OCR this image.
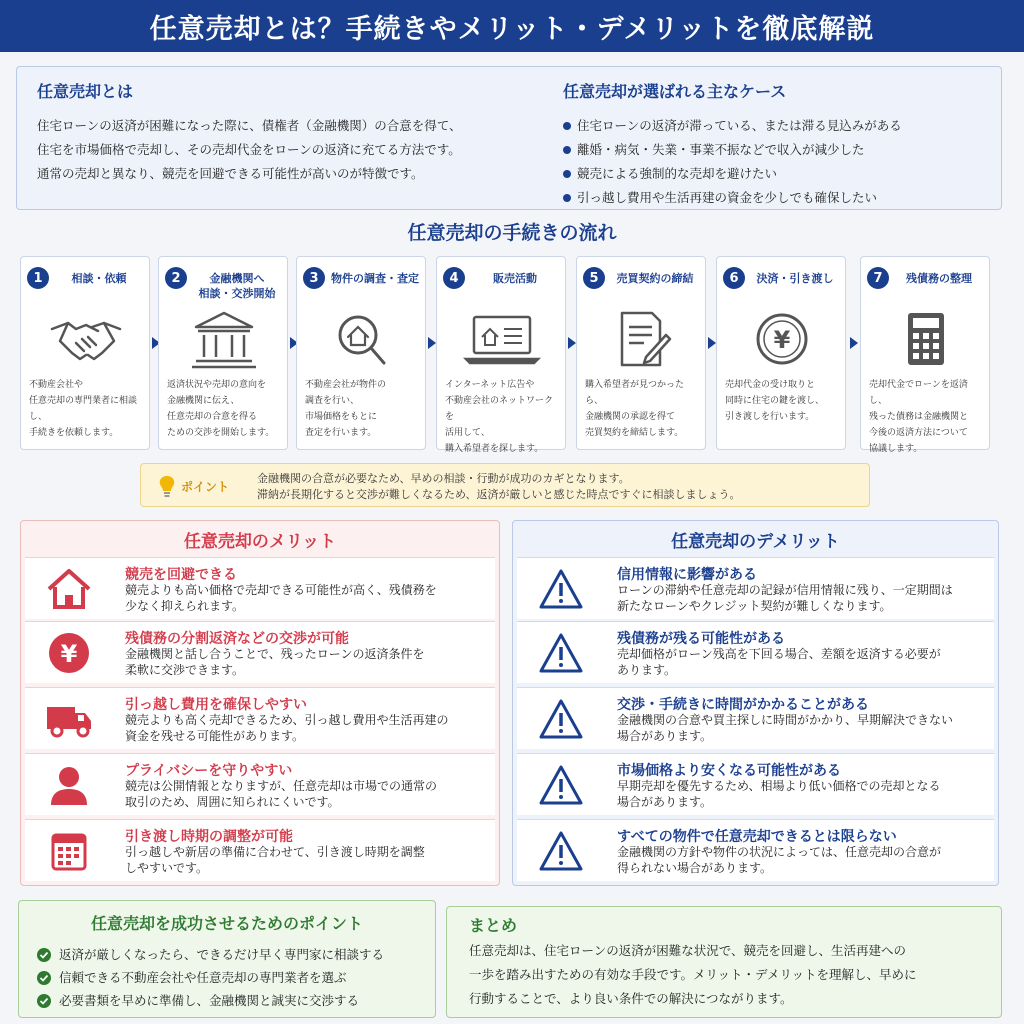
任意売却とは？手続きやメリット・デメリットを徹底解説
任意売却とは

住宅ローンの返済が困難になった際に、債権者（金融機関）の合意を得て、

住宅を市場価格で売却し、その売却代金をローンの返済に充てる方法です。

通常の売却と異なり、競売を回避できる可能性が高いのが特徴です。

任意売却が選ばれる主なケース
住宅ローンの返済が滞っている、または滞る見込みがある
離婚・病気・失業・事業不振などで収入が減少した
競売による強制的な売却を避けたい
引っ越し費用や生活再建の資金を少しでも確保したい
任意売却の手続きの流れ
1	相談・依頼
不動産会社や
任意売却の専門業者に相談し、
手続きを依頼します。
2	金融機関へ
相談・交渉開始
返済状況や売却の意向を
金融機関に伝え、
任意売却の合意を得る
ための交渉を開始します。
3	物件の調査・査定
不動産会社が物件の
調査を行い、
市場価格をもとに
査定を行います。
4	販売活動
インターネット広告や
不動産会社のネットワークを
活用して、
購入希望者を探します。
5	売買契約の締結
購入希望者が見つかったら、
金融機関の承認を得て
売買契約を締結します。
6	決済・引き渡し
¥
売却代金の受け取りと
同時に住宅の鍵を渡し、
引き渡しを行います。
7	残債務の整理
売却代金でローンを返済し、
残った債務は金融機関と
今後の返済方法について
協議します。
ポイント
金融機関の合意が必要なため、早めの相談・行動が成功のカギとなります。
滞納が長期化すると交渉が難しくなるため、返済が厳しいと感じた時点ですぐに相談しましょう。
任意売却のメリット
競売を回避できる
競売よりも高い価格で売却できる可能性が高く、残債務を
少なく抑えられます。
¥
残債務の分割返済などの交渉が可能
金融機関と話し合うことで、残ったローンの返済条件を
柔軟に交渉できます。
引っ越し費用を確保しやすい
競売よりも高く売却できるため、引っ越し費用や生活再建の
資金を残せる可能性があります。
プライバシーを守りやすい
競売は公開情報となりますが、任意売却は市場での通常の
取引のため、周囲に知られにくいです。
引き渡し時期の調整が可能
引っ越しや新居の準備に合わせて、引き渡し時期を調整
しやすいです。
任意売却のデメリット
信用情報に影響がある
ローンの滞納や任意売却の記録が信用情報に残り、一定期間は
新たなローンやクレジット契約が難しくなります。
残債務が残る可能性がある
売却価格がローン残高を下回る場合、差額を返済する必要が
あります。
交渉・手続きに時間がかかることがある
金融機関の合意や買主探しに時間がかかり、早期解決できない
場合があります。
市場価格より安くなる可能性がある
早期売却を優先するため、相場より低い価格での売却となる
場合があります。
すべての物件で任意売却できるとは限らない
金融機関の方針や物件の状況によっては、任意売却の合意が
得られない場合があります。
任意売却を成功させるためのポイント
返済が厳しくなったら、できるだけ早く専門家に相談する
信頼できる不動産会社や任意売却の専門業者を選ぶ
必要書類を早めに準備し、金融機関と誠実に交渉する
まとめ
任意売却は、住宅ローンの返済が困難な状況で、競売を回避し、生活再建への
一歩を踏み出すための有効な手段です。メリット・デメリットを理解し、早めに
行動することで、より良い条件での解決につながります。
